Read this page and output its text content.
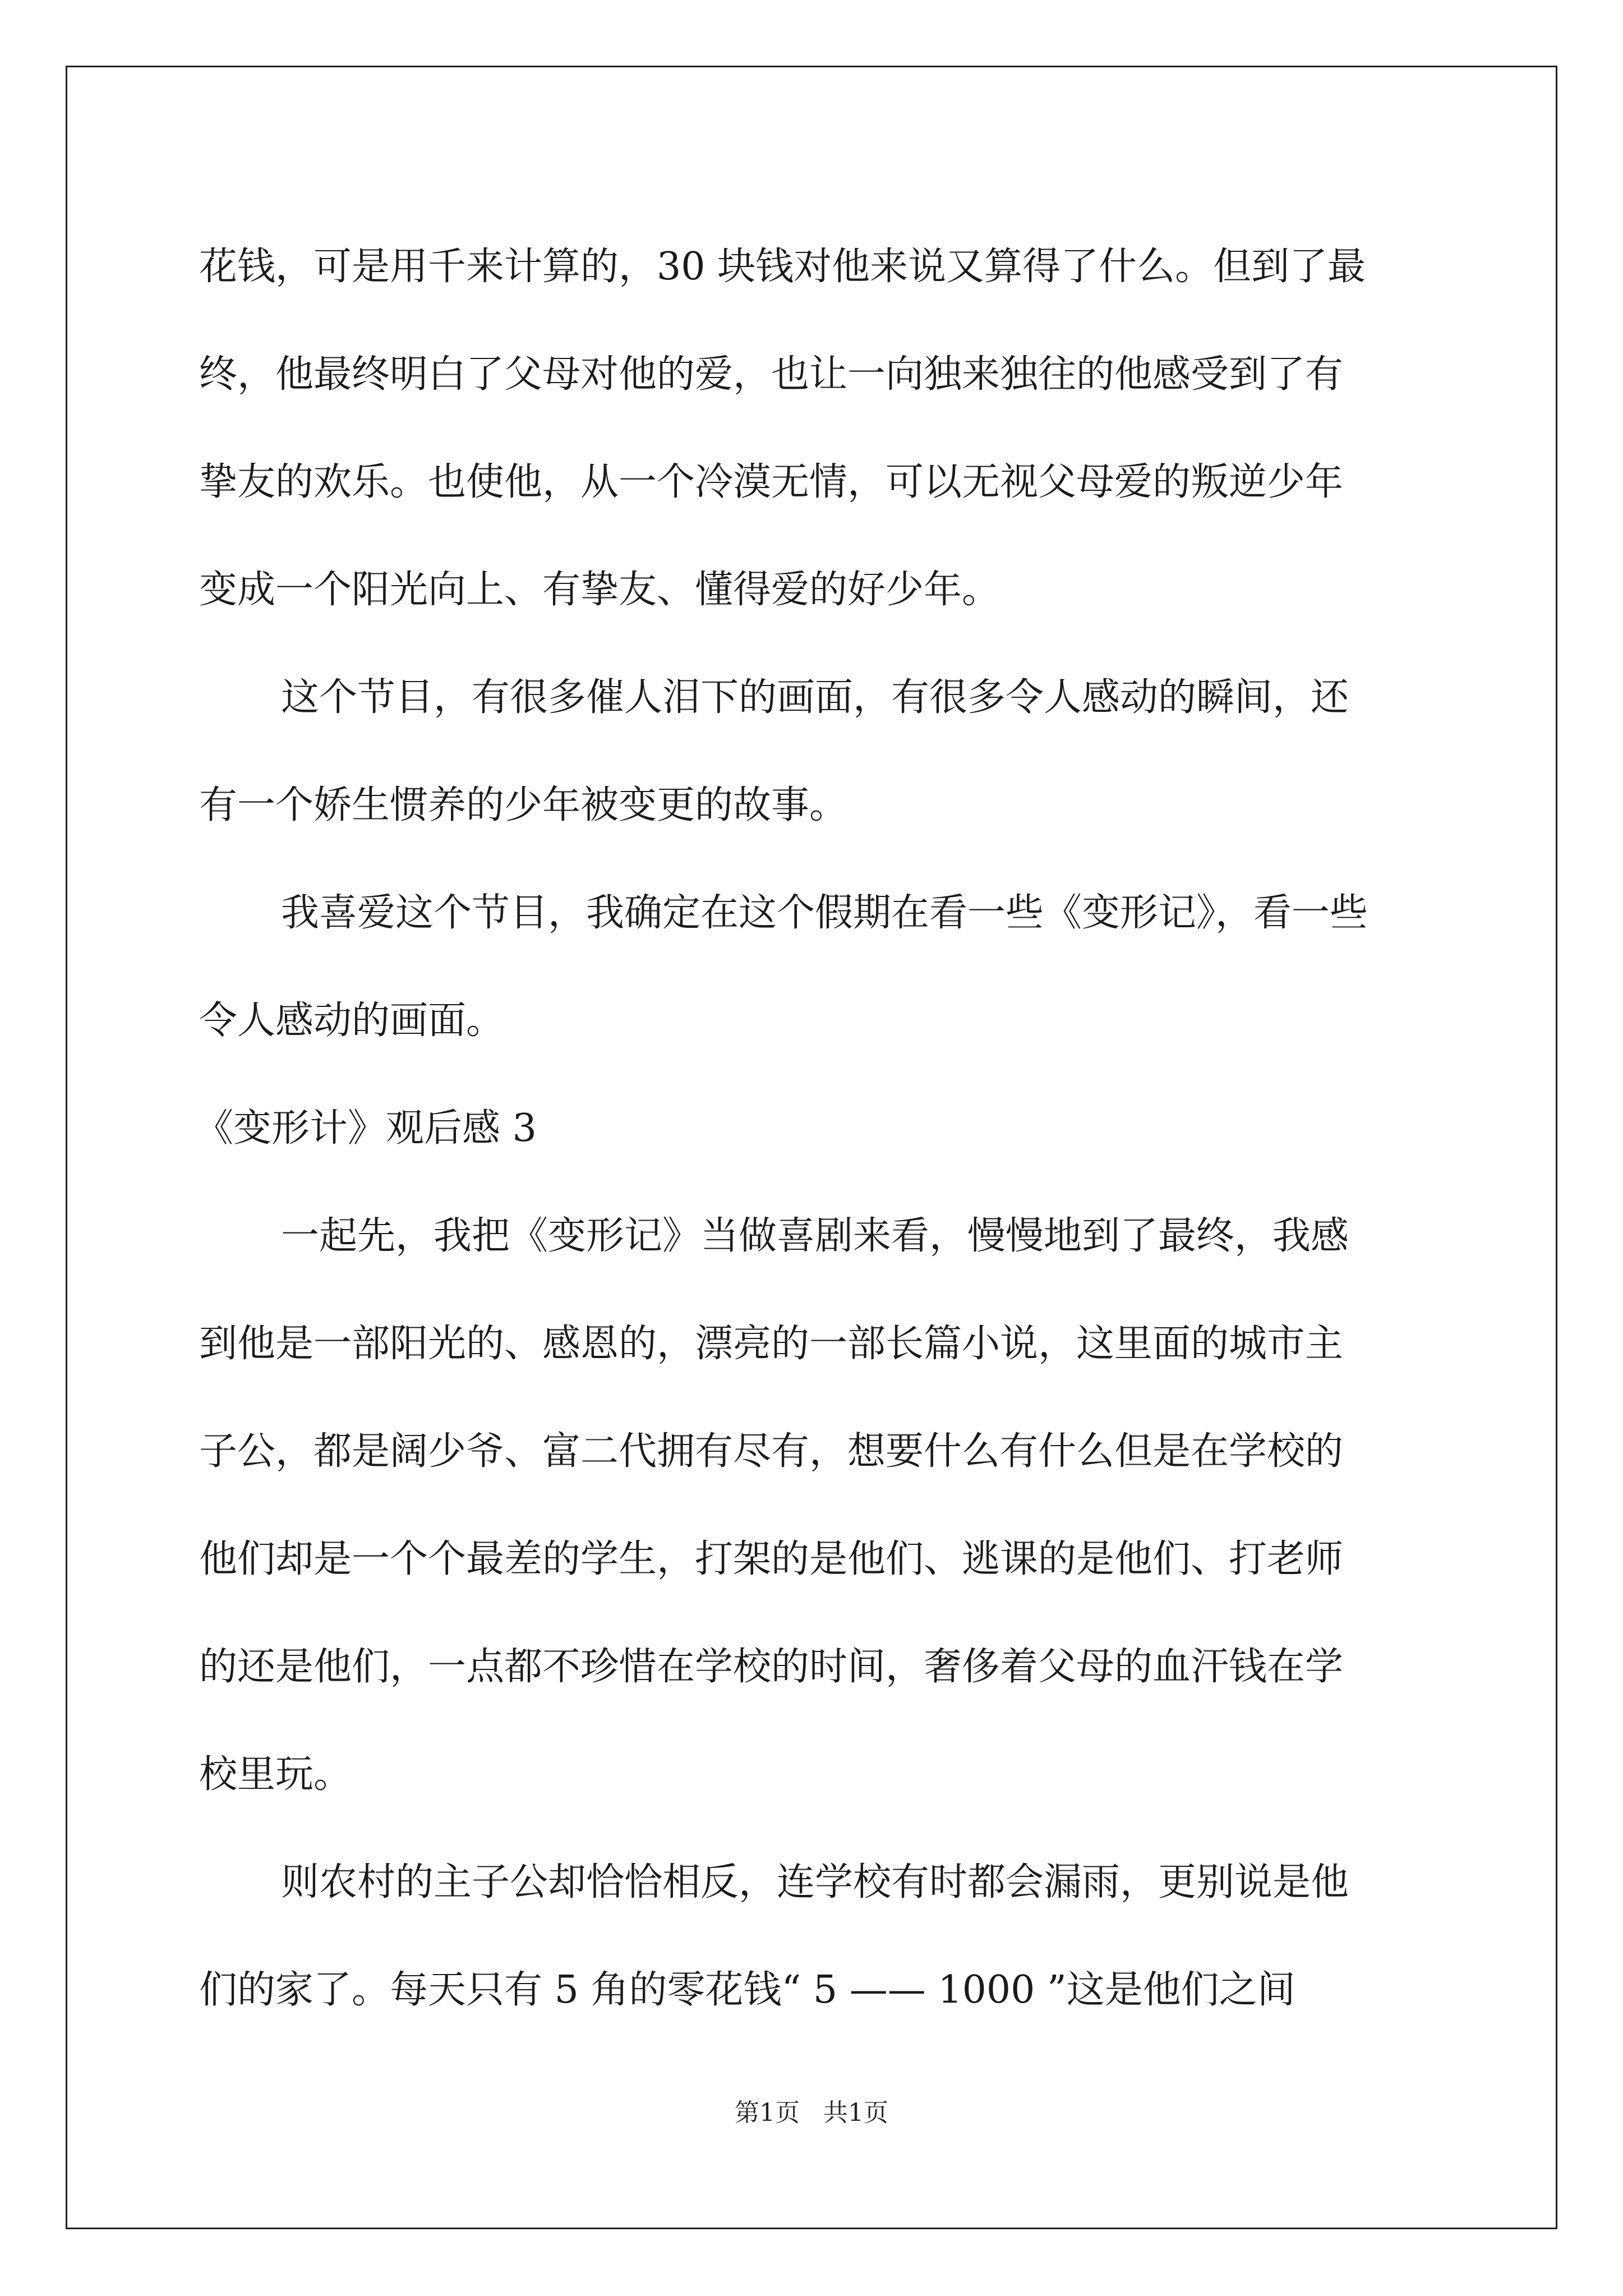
花钱，可是用千来计算的，30 块钱对他来说又算得了什么。但到了最
终，他最终明白了父母对他的爱，也让一向独来独往的他感受到了有
挚友的欢乐。也使他，从一个冷漠无情，可以无视父母爱的叛逆少年
变成一个阳光向上、有挚友、懂得爱的好少年。
这个节目，有很多催人泪下的画面，有很多令人感动的瞬间，还
有一个娇生惯养的少年被变更的故事。
我喜爱这个节目，我确定在这个假期在看一些《变形记》，看一些
令人感动的画面。
《变形计》观后感 3
一起先，我把《变形记》当做喜剧来看，慢慢地到了最终，我感
到他是一部阳光的、感恩的，漂亮的一部长篇小说，这里面的城市主
子公，都是阔少爷、富二代拥有尽有，想要什么有什么但是在学校的
他们却是一个个最差的学生，打架的是他们、逃课的是他们、打老师
的还是他们，一点都不珍惜在学校的时间，奢侈着父母的血汗钱在学
校里玩。
则农村的主子公却恰恰相反，连学校有时都会漏雨，更别说是他
们的家了。每天只有 5 角的零花钱“ 5 —— 1000 ”这是他们之间
第1页   共1页
